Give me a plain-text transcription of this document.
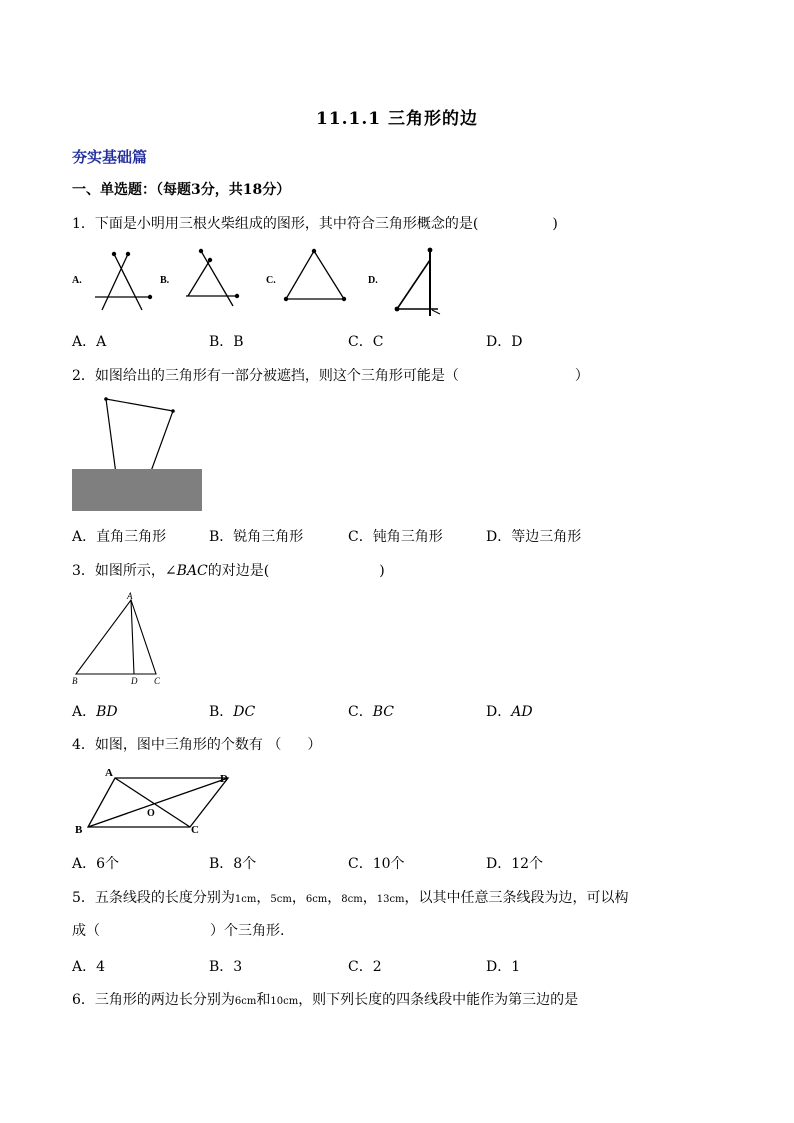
11.1.1 三角形的边
夯实基础篇
一、单选题：（每题3分，共18分）
1．下面是小明用三根火柴组成的图形，其中符合三角形概念的是(	)
A.	B.	C.	D.
A．A	B．B	C．C	D．D
2．如图给出的三角形有一部分被遮挡，则这个三角形可能是（	）
A．直角三角形	B．锐角三角形	C．钝角三角形	D．等边三角形
3．如图所示，∠BAC的对边是(	)
A
B	D C
A．BD	B．DC	C．BC	D．AD
4．如图，图中三角形的个数有 （ ）
A	D
O
B	C
A．6个	B．8个	C．10个	D．12个
5．五条线段的长度分别为1cm，5cm，6cm，8cm，13cm，以其中任意三条线段为边，可以构
成（	）个三角形.
A．4	B．3	C．2	D．1
6．三角形的两边长分别为6cm和10cm，则下列长度的四条线段中能作为第三边的是
